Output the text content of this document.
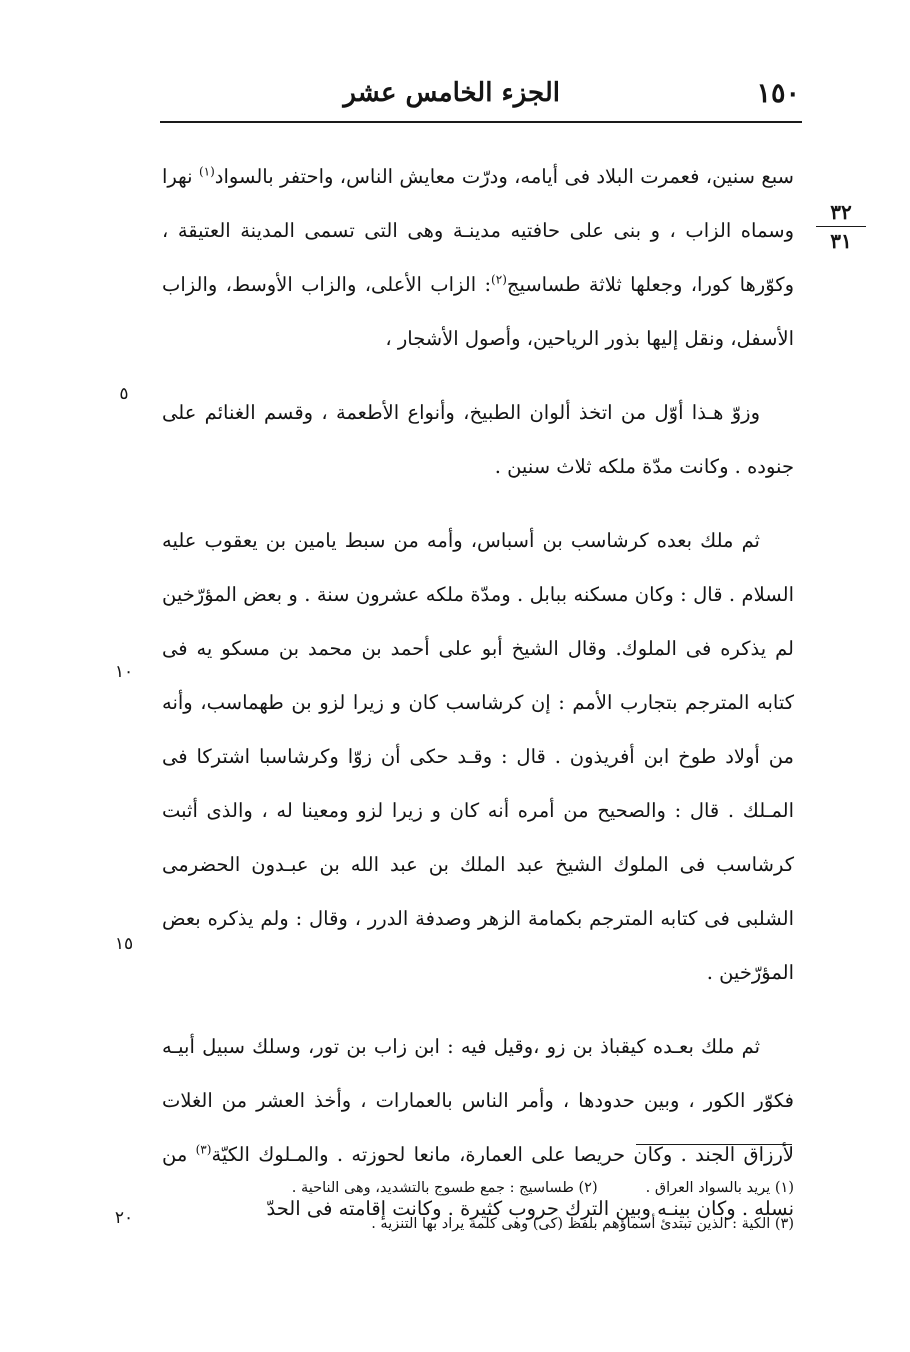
١٥٠
الجزء الخامس عشر
٣٢
٣١
٥
١٠
١٥
٢٠

سبع سنين، فعمرت البلاد فى أيامه، ودرّت معايش الناس، واحتفر بالسواد$^{(١)}$ نهرا وسماه الزاب ، و بنى على حافتيه مدينـة وهى التى تسمى المدينة العتيقة ، وكوّرها كورا، وجعلها ثلاثة طساسيج$^{(٢)}$: الزاب الأعلى، والزاب الأوسط، والزاب الأسفل، ونقل إليها بذور الرياحين، وأصول الأشجار ،

وزوّ هـذا أوّل من اتخذ ألوان الطبيخ، وأنواع الأطعمة ، وقسم الغنائم على جنوده . وكانت مدّة ملكه ثلاث سنين .

ثم ملك بعده كرشاسب بن أسباس، وأمه من سبط يامين بن يعقوب عليه السلام . قال : وكان مسكنه ببابل . ومدّة ملكه عشرون سنة . و بعض المؤرّخين لم يذكره فى الملوك. وقال الشيخ أبو على أحمد بن محمد بن مسكو يه فى كتابه المترجم بتجارب الأمم : إن كرشاسب كان و زيرا لزو بن طهماسب، وأنه من أولاد طوخ ابن أفريذون . قال : وقـد حكى أن زوّا وكرشاسبا اشتركا فى المـلك . قال : والصحيح من أمره أنه كان و زيرا لزو ومعينا له ، والذى أثبت كرشاسب فى الملوك الشيخ عبد الملك بن عبد الله بن عبـدون الحضرمى الشلبى فى كتابه المترجم بكمامة الزهر وصدفة الدرر ، وقال : ولم يذكره بعض المؤرّخين .

ثم ملك بعـده كيقباذ بن زو ،وقيل فيه : ابن زاب بن تور، وسلك سبيل أبيـه فكوّر الكور ، وبين حدودها ، وأمر الناس بالعمارات ، وأخذ العشر من الغلات لأرزاق الجند . وكان حريصا على العمارة، مانعا لحوزته . والمـلوك الكيّة$^{(٣)}$ من نسله . وكان بينـه وبين الترك حروب كثيرة . وكانت إقامته فى الحدّ

(١) يريد بالسواد العراق .
(٢) طساسيج : جمع طسوج بالتشديد، وهى الناحية .
(٣) الكية : الذين تبتدئ أسماؤهم بلفظ (كى) وهى كلمة يراد بها التنزيه .
